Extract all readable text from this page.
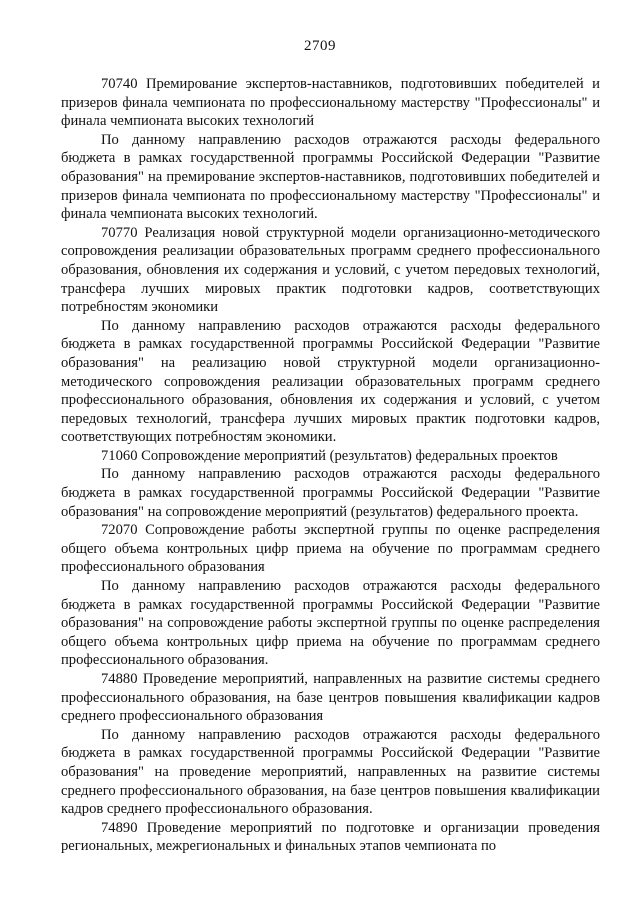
2709

70740 Премирование экспертов-наставников, подготовивших победителей и призеров финала чемпионата по профессиональному мастерству "Профессионалы" и финала чемпионата высоких технологий

По данному направлению расходов отражаются расходы федерального бюджета в рамках государственной программы Российской Федерации "Развитие образования" на премирование экспертов-наставников, подготовивших победителей и призеров финала чемпионата по профессиональному мастерству "Профессионалы" и финала чемпионата высоких технологий.

70770 Реализация новой структурной модели организационно-методического сопровождения реализации образовательных программ среднего профессионального образования, обновления их содержания и условий, с учетом передовых технологий, трансфера лучших мировых практик подготовки кадров, соответствующих потребностям экономики

По данному направлению расходов отражаются расходы федерального бюджета в рамках государственной программы Российской Федерации "Развитие образования" на реализацию новой структурной модели организационно-методического сопровождения реализации образовательных программ среднего профессионального образования, обновления их содержания и условий, с учетом передовых технологий, трансфера лучших мировых практик подготовки кадров, соответствующих потребностям экономики.

71060 Сопровождение мероприятий (результатов) федеральных проектов

По данному направлению расходов отражаются расходы федерального бюджета в рамках государственной программы Российской Федерации "Развитие образования" на сопровождение мероприятий (результатов) федерального проекта.

72070 Сопровождение работы экспертной группы по оценке распределения общего объема контрольных цифр приема на обучение по программам среднего профессионального образования

По данному направлению расходов отражаются расходы федерального бюджета в рамках государственной программы Российской Федерации "Развитие образования" на сопровождение работы экспертной группы по оценке распределения общего объема контрольных цифр приема на обучение по программам среднего профессионального образования.

74880 Проведение мероприятий, направленных на развитие системы среднего профессионального образования, на базе центров повышения квалификации кадров среднего профессионального образования

По данному направлению расходов отражаются расходы федерального бюджета в рамках государственной программы Российской Федерации "Развитие образования" на проведение мероприятий, направленных на развитие системы среднего профессионального образования, на базе центров повышения квалификации кадров среднего профессионального образования.

74890 Проведение мероприятий по подготовке и организации проведения региональных, межрегиональных и финальных этапов чемпионата по
